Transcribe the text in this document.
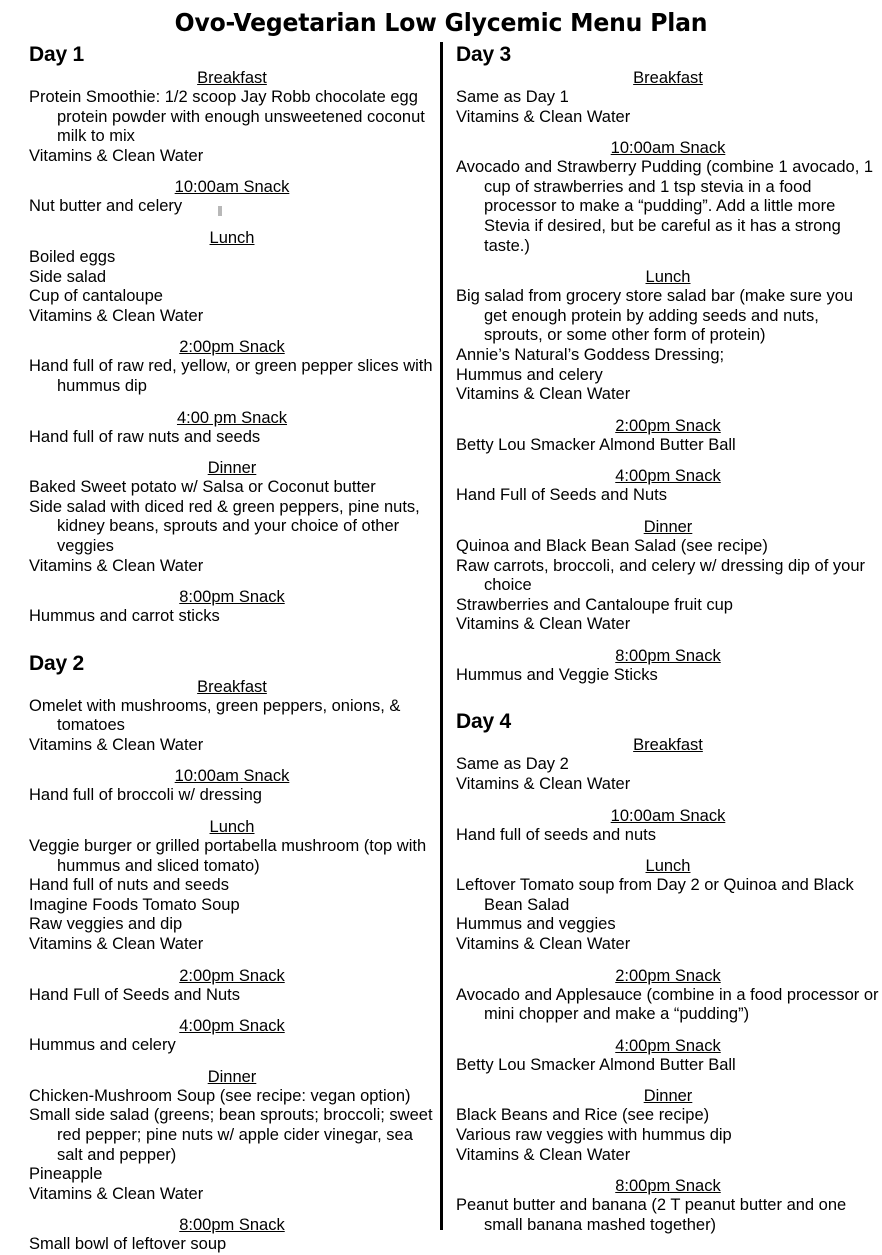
Ovo-Vegetarian Low Glycemic Menu Plan
Day 1
Breakfast
Protein Smoothie: 1/2 scoop Jay Robb chocolate egg protein powder with enough unsweetened coconut milk to mix
Vitamins & Clean Water
10:00am Snack
Nut butter and celery
Lunch
Boiled eggs
Side salad
Cup of cantaloupe
Vitamins & Clean Water
2:00pm Snack
Hand full of raw red, yellow, or green pepper slices with hummus dip
4:00 pm Snack
Hand full of raw nuts and seeds
Dinner
Baked Sweet potato w/ Salsa or Coconut butter
Side salad with diced red & green peppers, pine nuts, kidney beans, sprouts and your choice of other veggies
Vitamins & Clean Water
8:00pm Snack
Hummus and carrot sticks
Day 2
Breakfast
Omelet with mushrooms, green peppers, onions, & tomatoes
Vitamins & Clean Water
10:00am Snack
Hand full of broccoli w/ dressing
Lunch
Veggie burger or grilled portabella mushroom (top with hummus and sliced tomato)
Hand full of nuts and seeds
Imagine Foods Tomato Soup
Raw veggies and dip
Vitamins & Clean Water
2:00pm Snack
Hand Full of Seeds and Nuts
4:00pm Snack
Hummus and celery
Dinner
Chicken-Mushroom Soup (see recipe: vegan option)
Small side salad (greens; bean sprouts; broccoli; sweet red pepper; pine nuts w/ apple cider vinegar, sea salt and pepper)
Pineapple
Vitamins & Clean Water
8:00pm Snack
Small bowl of leftover soup
Day 3
Breakfast
Same as Day 1
Vitamins & Clean Water
10:00am Snack
Avocado and Strawberry Pudding (combine 1 avocado, 1 cup of strawberries and 1 tsp stevia in a food processor to make a “pudding”. Add a little more Stevia if desired, but be careful as it has a strong taste.)
Lunch
Big salad from grocery store salad bar (make sure you get enough protein by adding seeds and nuts, sprouts, or some other form of protein)
Annie’s Natural’s Goddess Dressing;
Hummus and celery
Vitamins & Clean Water
2:00pm Snack
Betty Lou Smacker Almond Butter Ball
4:00pm Snack
Hand Full of Seeds and Nuts
Dinner
Quinoa and Black Bean Salad (see recipe)
Raw carrots, broccoli, and celery w/ dressing dip of your choice
Strawberries and Cantaloupe fruit cup
Vitamins & Clean Water
8:00pm Snack
Hummus and Veggie Sticks
Day 4
Breakfast
Same as Day 2
Vitamins & Clean Water
10:00am Snack
Hand full of seeds and nuts
Lunch
Leftover Tomato soup from Day 2 or Quinoa and Black Bean Salad
Hummus and veggies
Vitamins & Clean Water
2:00pm Snack
Avocado and Applesauce (combine in a food processor or mini chopper and make a “pudding”)
4:00pm Snack
Betty Lou Smacker Almond Butter Ball
Dinner
Black Beans and Rice (see recipe)
Various raw veggies with hummus dip
Vitamins & Clean Water
8:00pm Snack
Peanut butter and banana (2 T peanut butter and one small banana mashed together)
